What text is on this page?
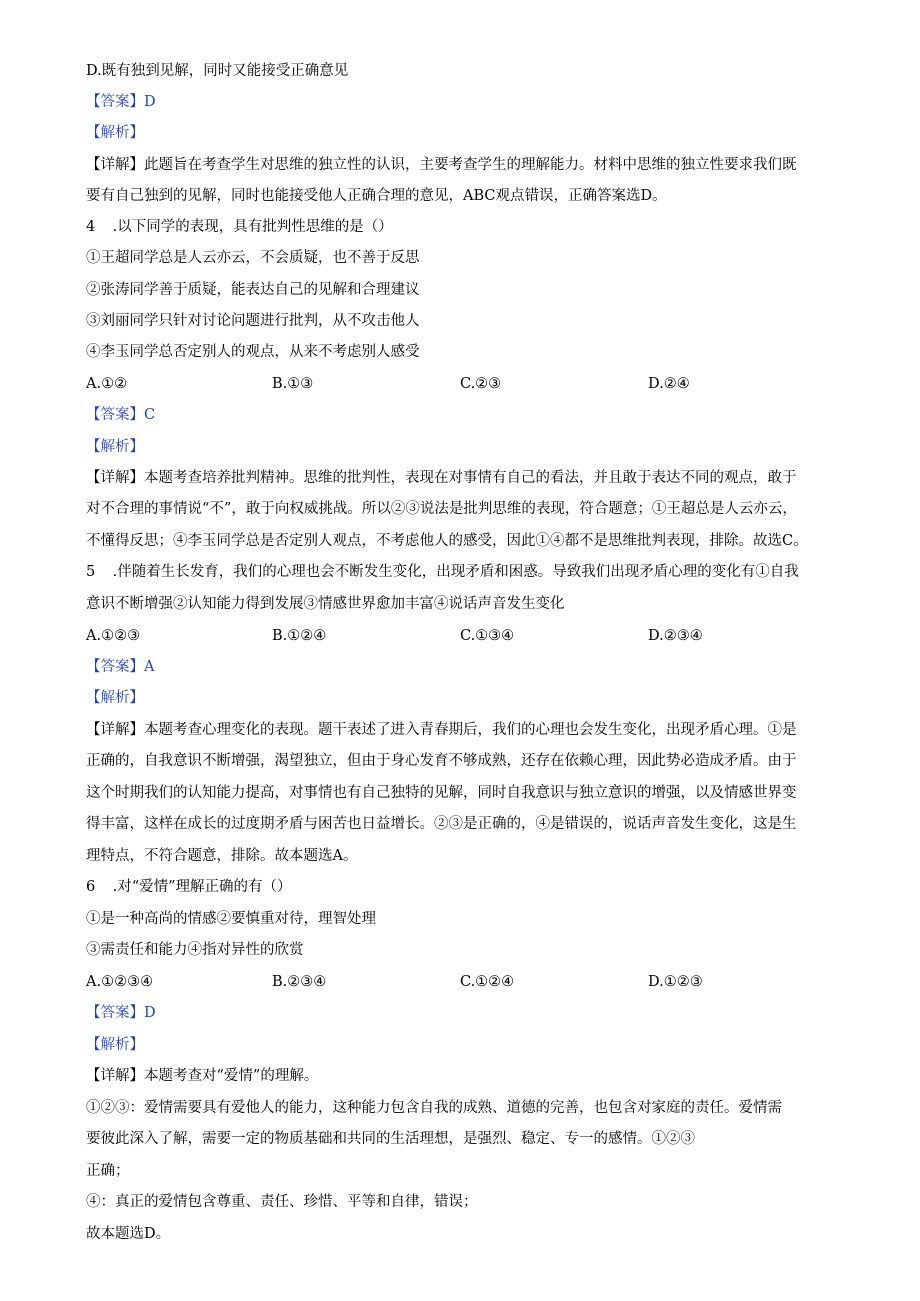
D.既有独到见解，同时又能接受正确意见
【答案】D
【解析】
【详解】此题旨在考查学生对思维的独立性的认识，主要考查学生的理解能力。材料中思维的独立性要求我们既
要有自己独到的见解，同时也能接受他人正确合理的意见，ABC观点错误，正确答案选D。
4 .以下同学的表现，具有批判性思维的是（）
①王超同学总是人云亦云，不会质疑，也不善于反思
②张涛同学善于质疑，能表达自己的见解和合理建议
③刘丽同学只针对讨论问题进行批判，从不攻击他人
④李玉同学总否定别人的观点，从来不考虑别人感受
A.①②	B.①③	C.②③	D.②④
【答案】C
【解析】
【详解】本题考查培养批判精神。思维的批判性，表现在对事情有自己的看法，并且敢于表达不同的观点，敢于
对不合理的事情说“不”，敢于向权威挑战。所以②③说法是批判思维的表现，符合题意；①王超总是人云亦云，
不懂得反思；④李玉同学总是否定别人观点，不考虑他人的感受，因此①④都不是思维批判表现，排除。故选C。
5 .伴随着生长发育，我们的心理也会不断发生变化，出现矛盾和困惑。导致我们出现矛盾心理的变化有①自我
意识不断增强②认知能力得到发展③情感世界愈加丰富④说话声音发生变化
A.①②③	B.①②④	C.①③④	D.②③④
【答案】A
【解析】
【详解】本题考查心理变化的表现。题干表述了进入青春期后，我们的心理也会发生变化，出现矛盾心理。①是
正确的，自我意识不断增强，渴望独立，但由于身心发育不够成熟，还存在依赖心理，因此势必造成矛盾。由于
这个时期我们的认知能力提高，对事情也有自己独特的见解，同时自我意识与独立意识的增强，以及情感世界变
得丰富，这样在成长的过度期矛盾与困苦也日益增长。②③是正确的，④是错误的，说话声音发生变化，这是生
理特点，不符合题意，排除。故本题选A。
6 .对“爱情”理解正确的有（）
①是一种高尚的情感②要慎重对待，理智处理
③需责任和能力④指对异性的欣赏
A.①②③④	B.②③④	C.①②④	D.①②③
【答案】D
【解析】
【详解】本题考查对“爱情”的理解。
①②③：爱情需要具有爱他人的能力，这种能力包含自我的成熟、道德的完善，也包含对家庭的责任。爱情需
要彼此深入了解，需要一定的物质基础和共同的生活理想，是强烈、稳定、专一的感情。①②③
正确；
④：真正的爱情包含尊重、责任、珍惜、平等和自律，错误；
故本题选D。
